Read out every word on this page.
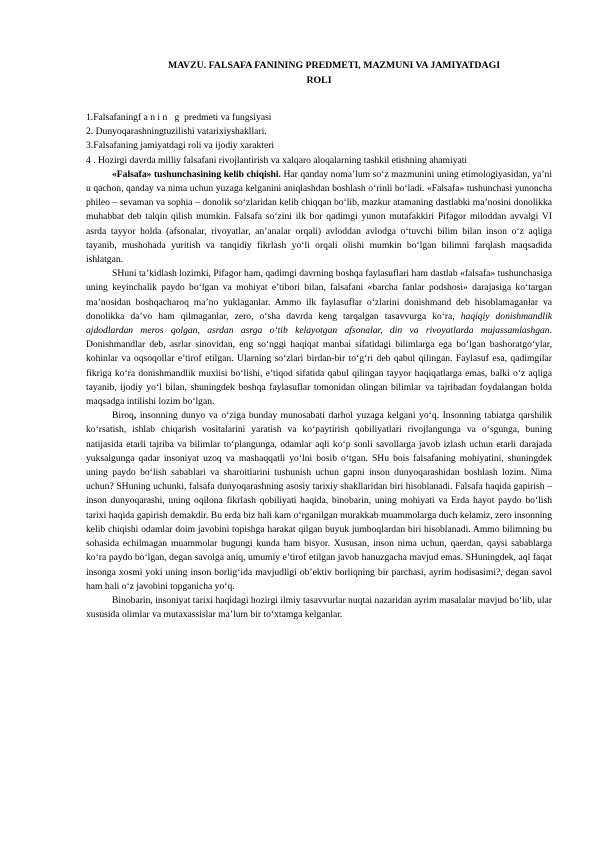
MAVZU. FALSAFA FANINING PREDMETI, MAZMUNI VA JAMIYATDAGI
ROLI
1.Falsafaningfanin g predmeti va fungsiyasi
2. Dunyoqarashningtuzilishi vatarixiyshakllari.
3.Falsafaning jamiyatdagi roli va ijodiy xarakteri
4 . Hozirgi davrda milliy falsafani rivojlantirish va xalqaro aloqalarning tashkil etishning ahamiyati

«Falsafa» tushunchasining kelib chiqishi. Har qanday noma’lum so‘z mazmunini uning etimologiyasidan, ya’ni u qachon, qanday va nima uchun yuzaga kelganini aniqlashdan boshlash o‘rinli bo‘ladi. «Falsafa» tushunchasi yunoncha phileo – sevaman va sophia – donolik so‘zlaridan kelib chiqqan bo‘lib, mazkur atamaning dastlabki ma’nosini donolikka muhabbat deb talqin qilish mumkin. Falsafa so‘zini ilk bor qadimgi yunon mutafakkiri Pifagor miloddan avvalgi VI asrda tayyor holda (afsonalar, rivoyatlar, an’analar orqali) avloddan avlodga o‘tuvchi bilim bilan inson o‘z aqliga tayanib, mushohada yuritish va tanqidiy fikrlash yo‘li orqali olishi mumkin bo‘lgan bilimni farqlash maqsadida ishlatgan.

SHuni ta’kidlash lozimki, Pifagor ham, qadimgi davrning boshqa faylasuflari ham dastlab «falsafa» tushunchasiga uning keyinchalik paydo bo‘lgan va mohiyat e’tibori bilan, falsafani «barcha fanlar podshosi» darajasiga ko‘targan ma’nosidan boshqacharoq ma’no yuklaganlar. Ammo ilk faylasuflar o‘zlarini donishmand deb hisoblamaganlar va donolikka da’vo ham qilmaganlar, zero, o‘sha davrda keng tarqalgan tasavvurga ko‘ra, haqiqiy donishmandlik ajdodlardan meros qolgan, asrdan asrga o‘tib kelayotgan afsonalar, din va rivoyatlarda mujassamlashgan. Donishmandlar deb, asrlar sinovidan, eng so‘nggi haqiqat manbai sifatidagi bilimlarga ega bo‘lgan bashoratgo‘ylar, kohinlar va oqsoqollar e’tirof etilgan. Ularning so‘zlari birdan-bir to‘g‘ri deb qabul qilingan. Faylasuf esa, qadimgilar fikriga ko‘ra donishmandlik muxlisi bo‘lishi, e’tiqod sifatida qabul qilingan tayyor haqiqatlarga emas, balki o‘z aqliga tayanib, ijodiy yo‘l bilan, shuningdek boshqa faylasuflar tomonidan olingan bilimlar va tajribadan foydalangan holda maqsadga intilishi lozim bo‘lgan.

Biroq, insonning dunyo va o‘ziga bunday munosabati darhol yuzaga kelgani yo‘q. Insonning tabiatga qarshilik ko‘rsatish, ishlab chiqarish vositalarini yaratish va ko‘paytirish qobiliyatlari rivojlangunga va o‘sgunga, buning natijasida etarli tajriba va bilimlar to‘plangunga, odamlar aqli ko‘p sonli savollarga javob izlash uchun etarli darajada yuksalgunga qadar insoniyat uzoq va mashaqqatli yo‘lni bosib o‘tgan. SHu bois falsafaning mohiyatini, shuningdek uning paydo bo‘lish sabablari va sharoitlarini tushunish uchun gapni inson dunyoqarashidan boshlash lozim. Nima uchun? SHuning uchunki, falsafa dunyoqarashning asosiy tarixiy shakllaridan biri hisoblanadi. Falsafa haqida gapirish – inson dunyoqarashi, uning oqilona fikrlash qobiliyati haqida, binobarin, uning mohiyati va Erda hayot paydo bo‘lish tarixi haqida gapirish demakdir. Bu erda biz hali kam o‘rganilgan murakkab muammolarga duch kelamiz, zero insonning kelib chiqishi odamlar doim javobini topishga harakat qilgan buyuk jumboqlardan biri hisoblanadi. Ammo bilimning bu sohasida echilmagan muammolar bugungi kunda ham bisyor. Xususan, inson nima uchun, qaerdan, qaysi sabablarga ko‘ra paydo bo‘lgan, degan savolga aniq, umumiy e’tirof etilgan javob hanuzgacha mavjud emas. SHuningdek, aql faqat insonga xosmi yoki uning inson borlig‘ida mavjudligi ob’ektiv borliqning bir parchasi, ayrim hodisasimi?, degan savol ham hali o‘z javobini topganicha yo‘q.

Binobarin, insoniyat tarixi haqidagi hozirgi ilmiy tasavvurlar nuqtai nazaridan ayrim masalalar mavjud bo‘lib, ular xususida olimlar va mutaxassislar ma’lum bir to‘xtamga kelganlar.
